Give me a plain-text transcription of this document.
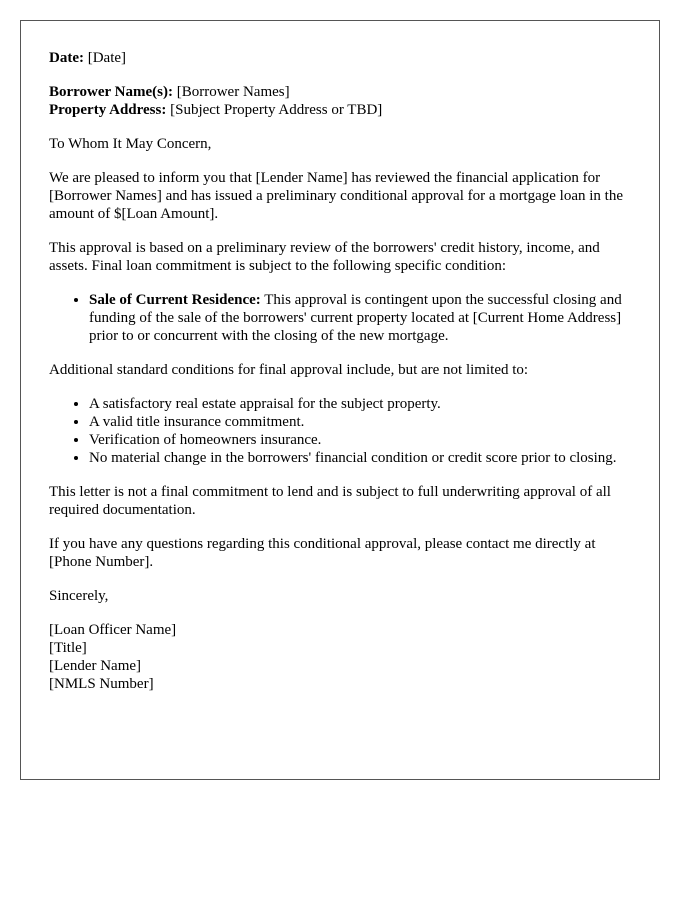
Date: [Date]

Borrower Name(s): [Borrower Names]
Property Address: [Subject Property Address or TBD]

To Whom It May Concern,

We are pleased to inform you that [Lender Name] has reviewed the financial application for [Borrower Names] and has issued a preliminary conditional approval for a mortgage loan in the amount of $[Loan Amount].

This approval is based on a preliminary review of the borrowers' credit history, income, and assets. Final loan commitment is subject to the following specific condition:

• Sale of Current Residence: This approval is contingent upon the successful closing and funding of the sale of the borrowers' current property located at [Current Home Address] prior to or concurrent with the closing of the new mortgage.

Additional standard conditions for final approval include, but are not limited to:

• A satisfactory real estate appraisal for the subject property.
• A valid title insurance commitment.
• Verification of homeowners insurance.
• No material change in the borrowers' financial condition or credit score prior to closing.

This letter is not a final commitment to lend and is subject to full underwriting approval of all required documentation.

If you have any questions regarding this conditional approval, please contact me directly at [Phone Number].

Sincerely,

[Loan Officer Name]
[Title]
[Lender Name]
[NMLS Number]
